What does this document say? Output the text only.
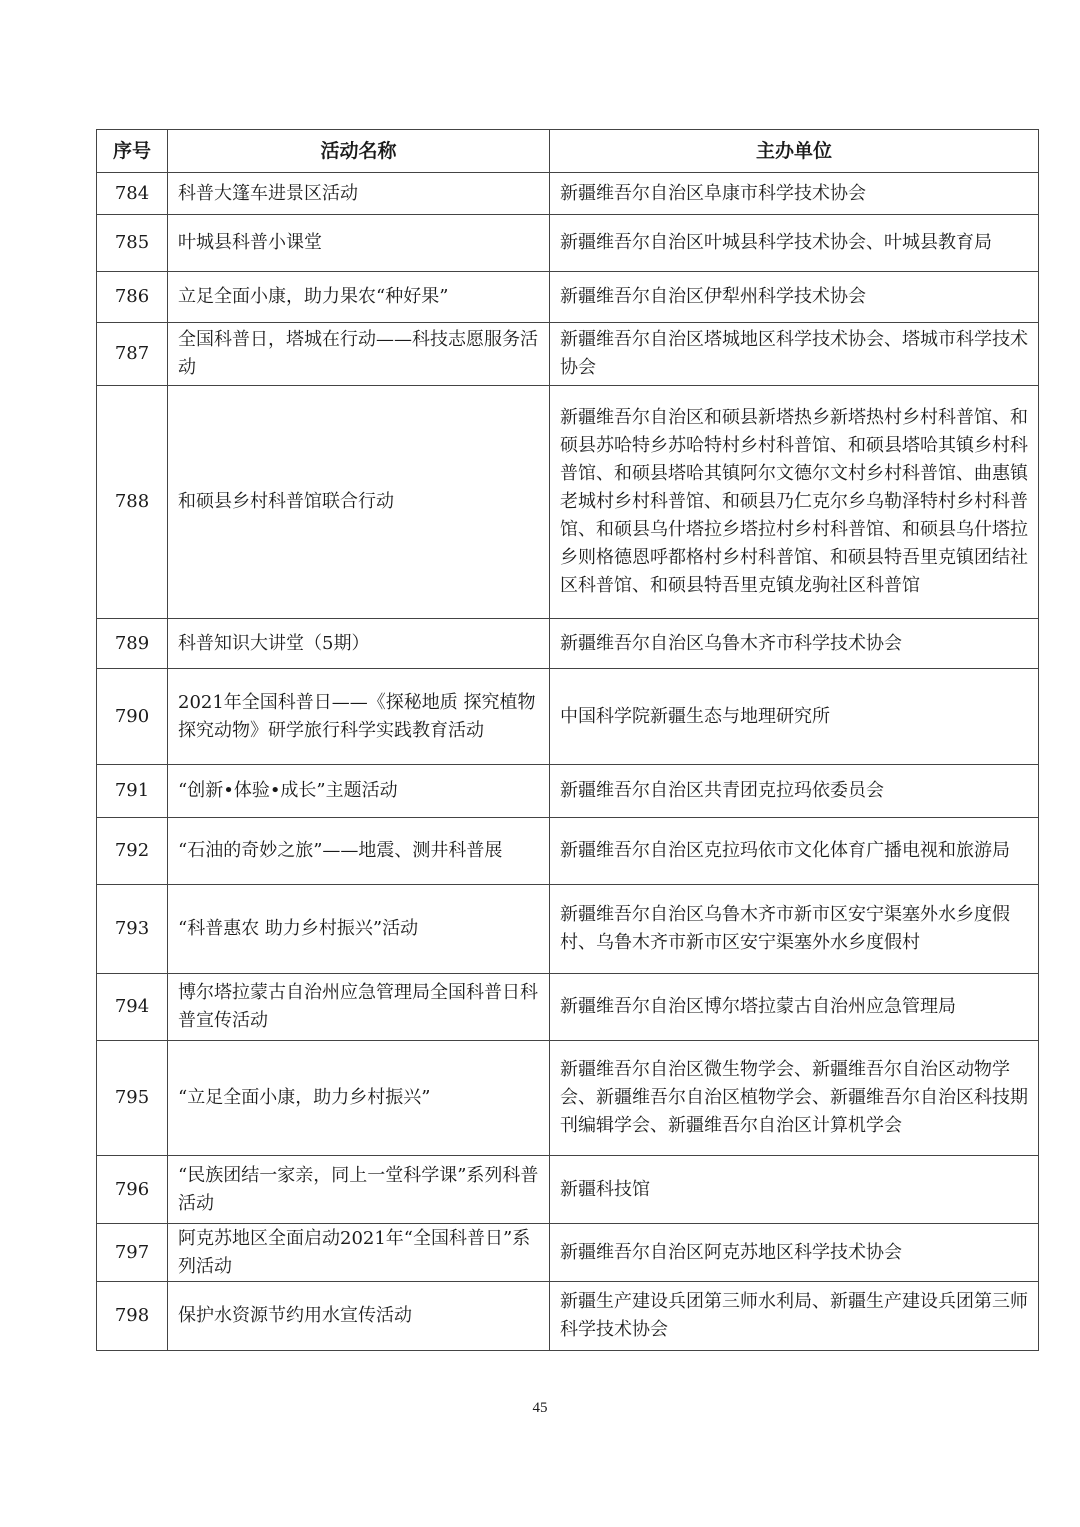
序号	活动名称	主办单位
784	科普大篷车进景区活动	新疆维吾尔自治区阜康市科学技术协会
785	叶城县科普小课堂	新疆维吾尔自治区叶城县科学技术协会、叶城县教育局
786	立足全面小康，助力果农“种好果”	新疆维吾尔自治区伊犁州科学技术协会
787	全国科普日，塔城在行动——科技志愿服务活动	新疆维吾尔自治区塔城地区科学技术协会、塔城市科学技术协会
788	和硕县乡村科普馆联合行动	新疆维吾尔自治区和硕县新塔热乡新塔热村乡村科普馆、和硕县苏哈特乡苏哈特村乡村科普馆、和硕县塔哈其镇乡村科普馆、和硕县塔哈其镇阿尔文德尔文村乡村科普馆、曲惠镇老城村乡村科普馆、和硕县乃仁克尔乡乌勒泽特村乡村科普馆、和硕县乌什塔拉乡塔拉村乡村科普馆、和硕县乌什塔拉乡则格德恩呼都格村乡村科普馆、和硕县特吾里克镇团结社区科普馆、和硕县特吾里克镇龙驹社区科普馆
789	科普知识大讲堂（5期）	新疆维吾尔自治区乌鲁木齐市科学技术协会
790	2021年全国科普日——《探秘地质 探究植物 探究动物》研学旅行科学实践教育活动	中国科学院新疆生态与地理研究所
791	“创新•体验•成长”主题活动	新疆维吾尔自治区共青团克拉玛依委员会
792	“石油的奇妙之旅”——地震、测井科普展	新疆维吾尔自治区克拉玛依市文化体育广播电视和旅游局
793	“科普惠农 助力乡村振兴”活动	新疆维吾尔自治区乌鲁木齐市新市区安宁渠塞外水乡度假村、乌鲁木齐市新市区安宁渠塞外水乡度假村
794	博尔塔拉蒙古自治州应急管理局全国科普日科普宣传活动	新疆维吾尔自治区博尔塔拉蒙古自治州应急管理局
795	“立足全面小康，助力乡村振兴”	新疆维吾尔自治区微生物学会、新疆维吾尔自治区动物学会、新疆维吾尔自治区植物学会、新疆维吾尔自治区科技期刊编辑学会、新疆维吾尔自治区计算机学会
796	“民族团结一家亲，同上一堂科学课”系列科普活动	新疆科技馆
797	阿克苏地区全面启动2021年“全国科普日”系列活动	新疆维吾尔自治区阿克苏地区科学技术协会
798	保护水资源节约用水宣传活动	新疆生产建设兵团第三师水利局、新疆生产建设兵团第三师科学技术协会
45
